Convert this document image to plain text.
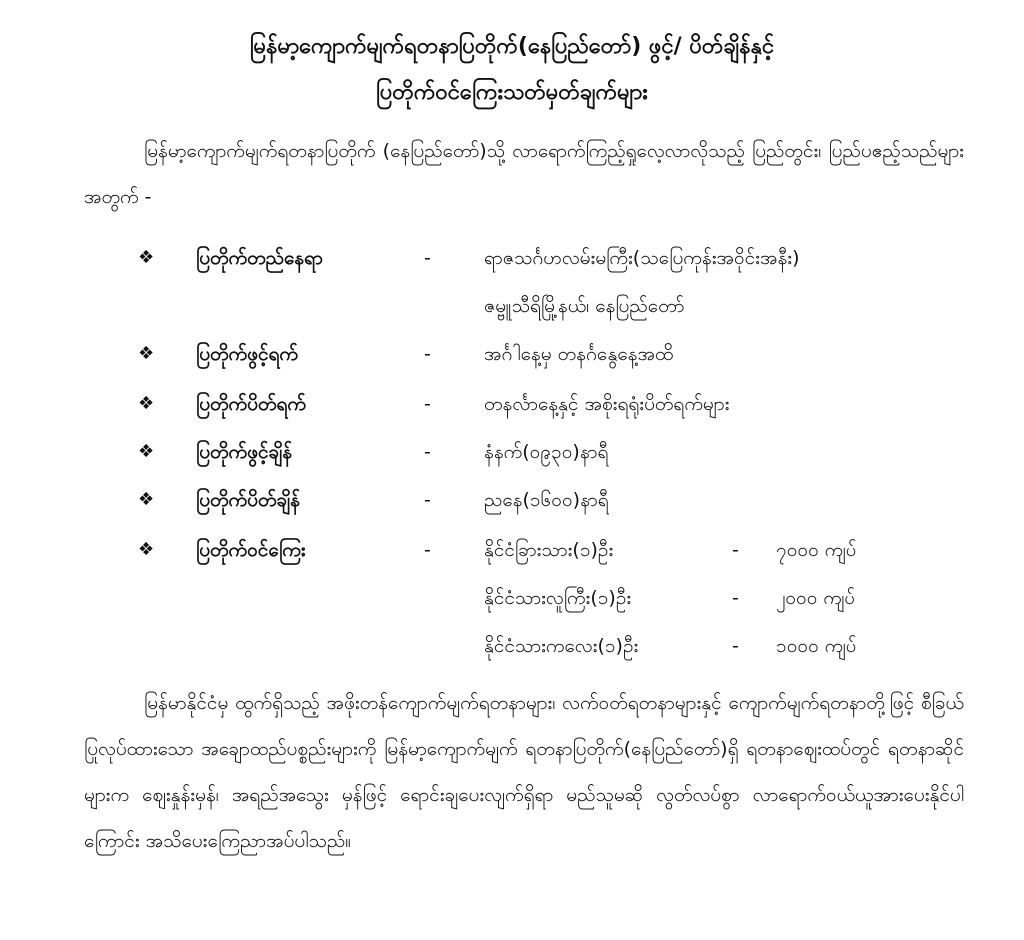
မြန်မာ့ကျောက်မျက်ရတနာပြတိုက်(နေပြည်တော်) ဖွင့်/ ပိတ်ချိန်နှင့်
ပြတိုက်ဝင်ကြေးသတ်မှတ်ချက်များ
မြန်မာ့ကျောက်မျက်ရတနာပြတိုက် (နေပြည်တော်)သို့ လာရောက်ကြည့်ရှုလေ့လာလိုသည့် ပြည်တွင်း၊ ပြည်ပဧည့်သည်များအတွက် -
❖ ပြတိုက်တည်နေရာ	-	ရာဇသင်္ဂဟလမ်းမကြီး(သပြေကုန်းအဝိုင်းအနီး)
ဇမ္ဗူသီရိမြို့နယ်၊ နေပြည်တော်
❖ ပြတိုက်ဖွင့်ရက်	-	အင်္ဂါနေ့မှ တနင်္ဂနွေနေ့အထိ
❖ ပြတိုက်ပိတ်ရက်	-	တနင်္လာနေ့နှင့် အစိုးရရုံးပိတ်ရက်များ
❖ ပြတိုက်ဖွင့်ချိန်	-	နံနက်(၀၉၃၀)နာရီ
❖ ပြတိုက်ပိတ်ချိန်	-	ညနေ(၁၆၀၀)နာရီ
❖ ပြတိုက်ဝင်ကြေး	-	နိုင်ငံခြားသား(၁)ဦး	- ၇၀၀၀ ကျပ်
နိုင်ငံသားလူကြီး(၁)ဦး	- ၂၀၀၀ ကျပ်
နိုင်ငံသားကလေး(၁)ဦး	- ၁၀၀၀ ကျပ်
မြန်မာနိုင်ငံမှ ထွက်ရှိသည့် အဖိုးတန်ကျောက်မျက်ရတနာများ၊ လက်ဝတ်ရတနာများနှင့် ကျောက်မျက်ရတနာတို့ဖြင့် စီခြယ်ပြုလုပ်ထားသော အချောထည်ပစ္စည်းများကို မြန်မာ့ကျောက်မျက် ရတနာပြတိုက်(နေပြည်တော်)ရှိ ရတနာဈေးထပ်တွင် ရတနာဆိုင်များက ဈေးနှုန်းမှန်၊ အရည်အသွေး မှန်ဖြင့် ရောင်းချပေးလျက်ရှိရာ မည်သူမဆို လွတ်လပ်စွာ လာရောက်ဝယ်ယူအားပေးနိုင်ပါကြောင်း အသိပေးကြေညာအပ်ပါသည်။
